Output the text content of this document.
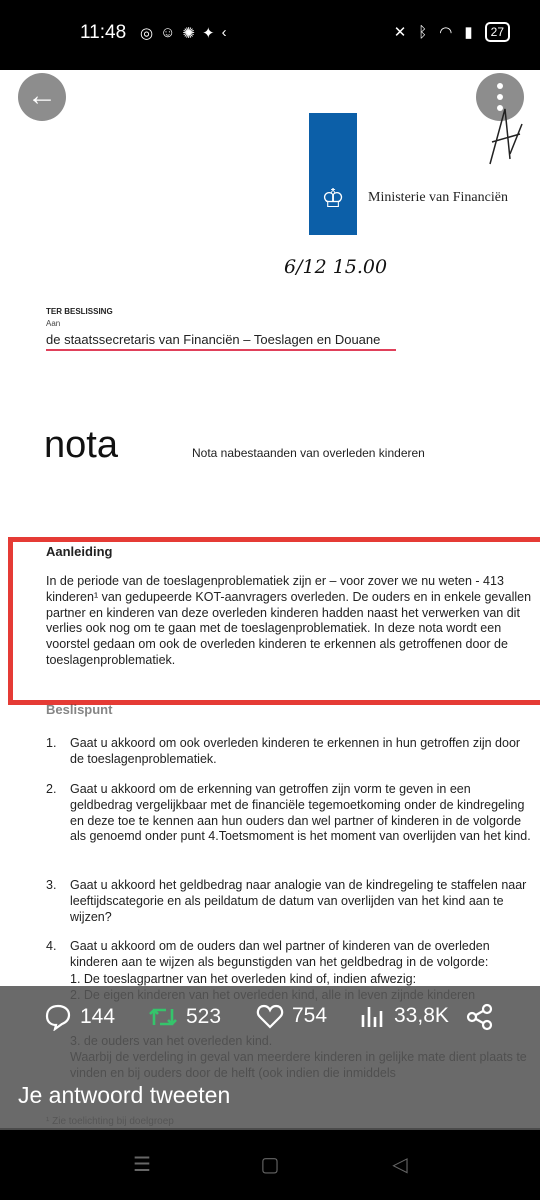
11:48 ◎ ☺ ✺ ✦ ‹	✕ ᛒ ◠ ▮	27
←
♔	Ministerie van Financiën
6/12 15.00
TER BESLISSING
Aan
de staatssecretaris van Financiën – Toeslagen en Douane
nota	Nota nabestaanden van overleden kinderen
Aanleiding
In de periode van de toeslagenproblematiek zijn er – voor zover we nu weten - 413 kinderen¹ van gedupeerde KOT-aanvragers overleden. De ouders en in enkele gevallen partner en kinderen van deze overleden kinderen hadden naast het verwerken van dit verlies ook nog om te gaan met de toeslagenproblematiek. In deze nota wordt een voorstel gedaan om ook de overleden kinderen te erkennen als getroffenen door de toeslagenproblematiek.
Beslispunt
1. Gaat u akkoord om ook overleden kinderen te erkennen in hun getroffen zijn door de toeslagenproblematiek.
2. Gaat u akkoord om de erkenning van getroffen zijn vorm te geven in een geldbedrag vergelijkbaar met de financiële tegemoetkoming onder de kindregeling en deze toe te kennen aan hun ouders dan wel partner of kinderen in de volgorde als genoemd onder punt 4.Toetsmoment is het moment van overlijden van het kind.
3. Gaat u akkoord het geldbedrag naar analogie van de kindregeling te staffelen naar leeftijdscategorie en als peildatum de datum van overlijden van het kind aan te wijzen?
4. Gaat u akkoord om de ouders dan wel partner of kinderen van de overleden kinderen aan te wijzen als begunstigden van het geldbedrag in de volgorde:
1. De toeslagpartner van het overleden kind of, indien afwezig:
144	523	754	33,8K
Je antwoord tweeten
☰	▢	◁
